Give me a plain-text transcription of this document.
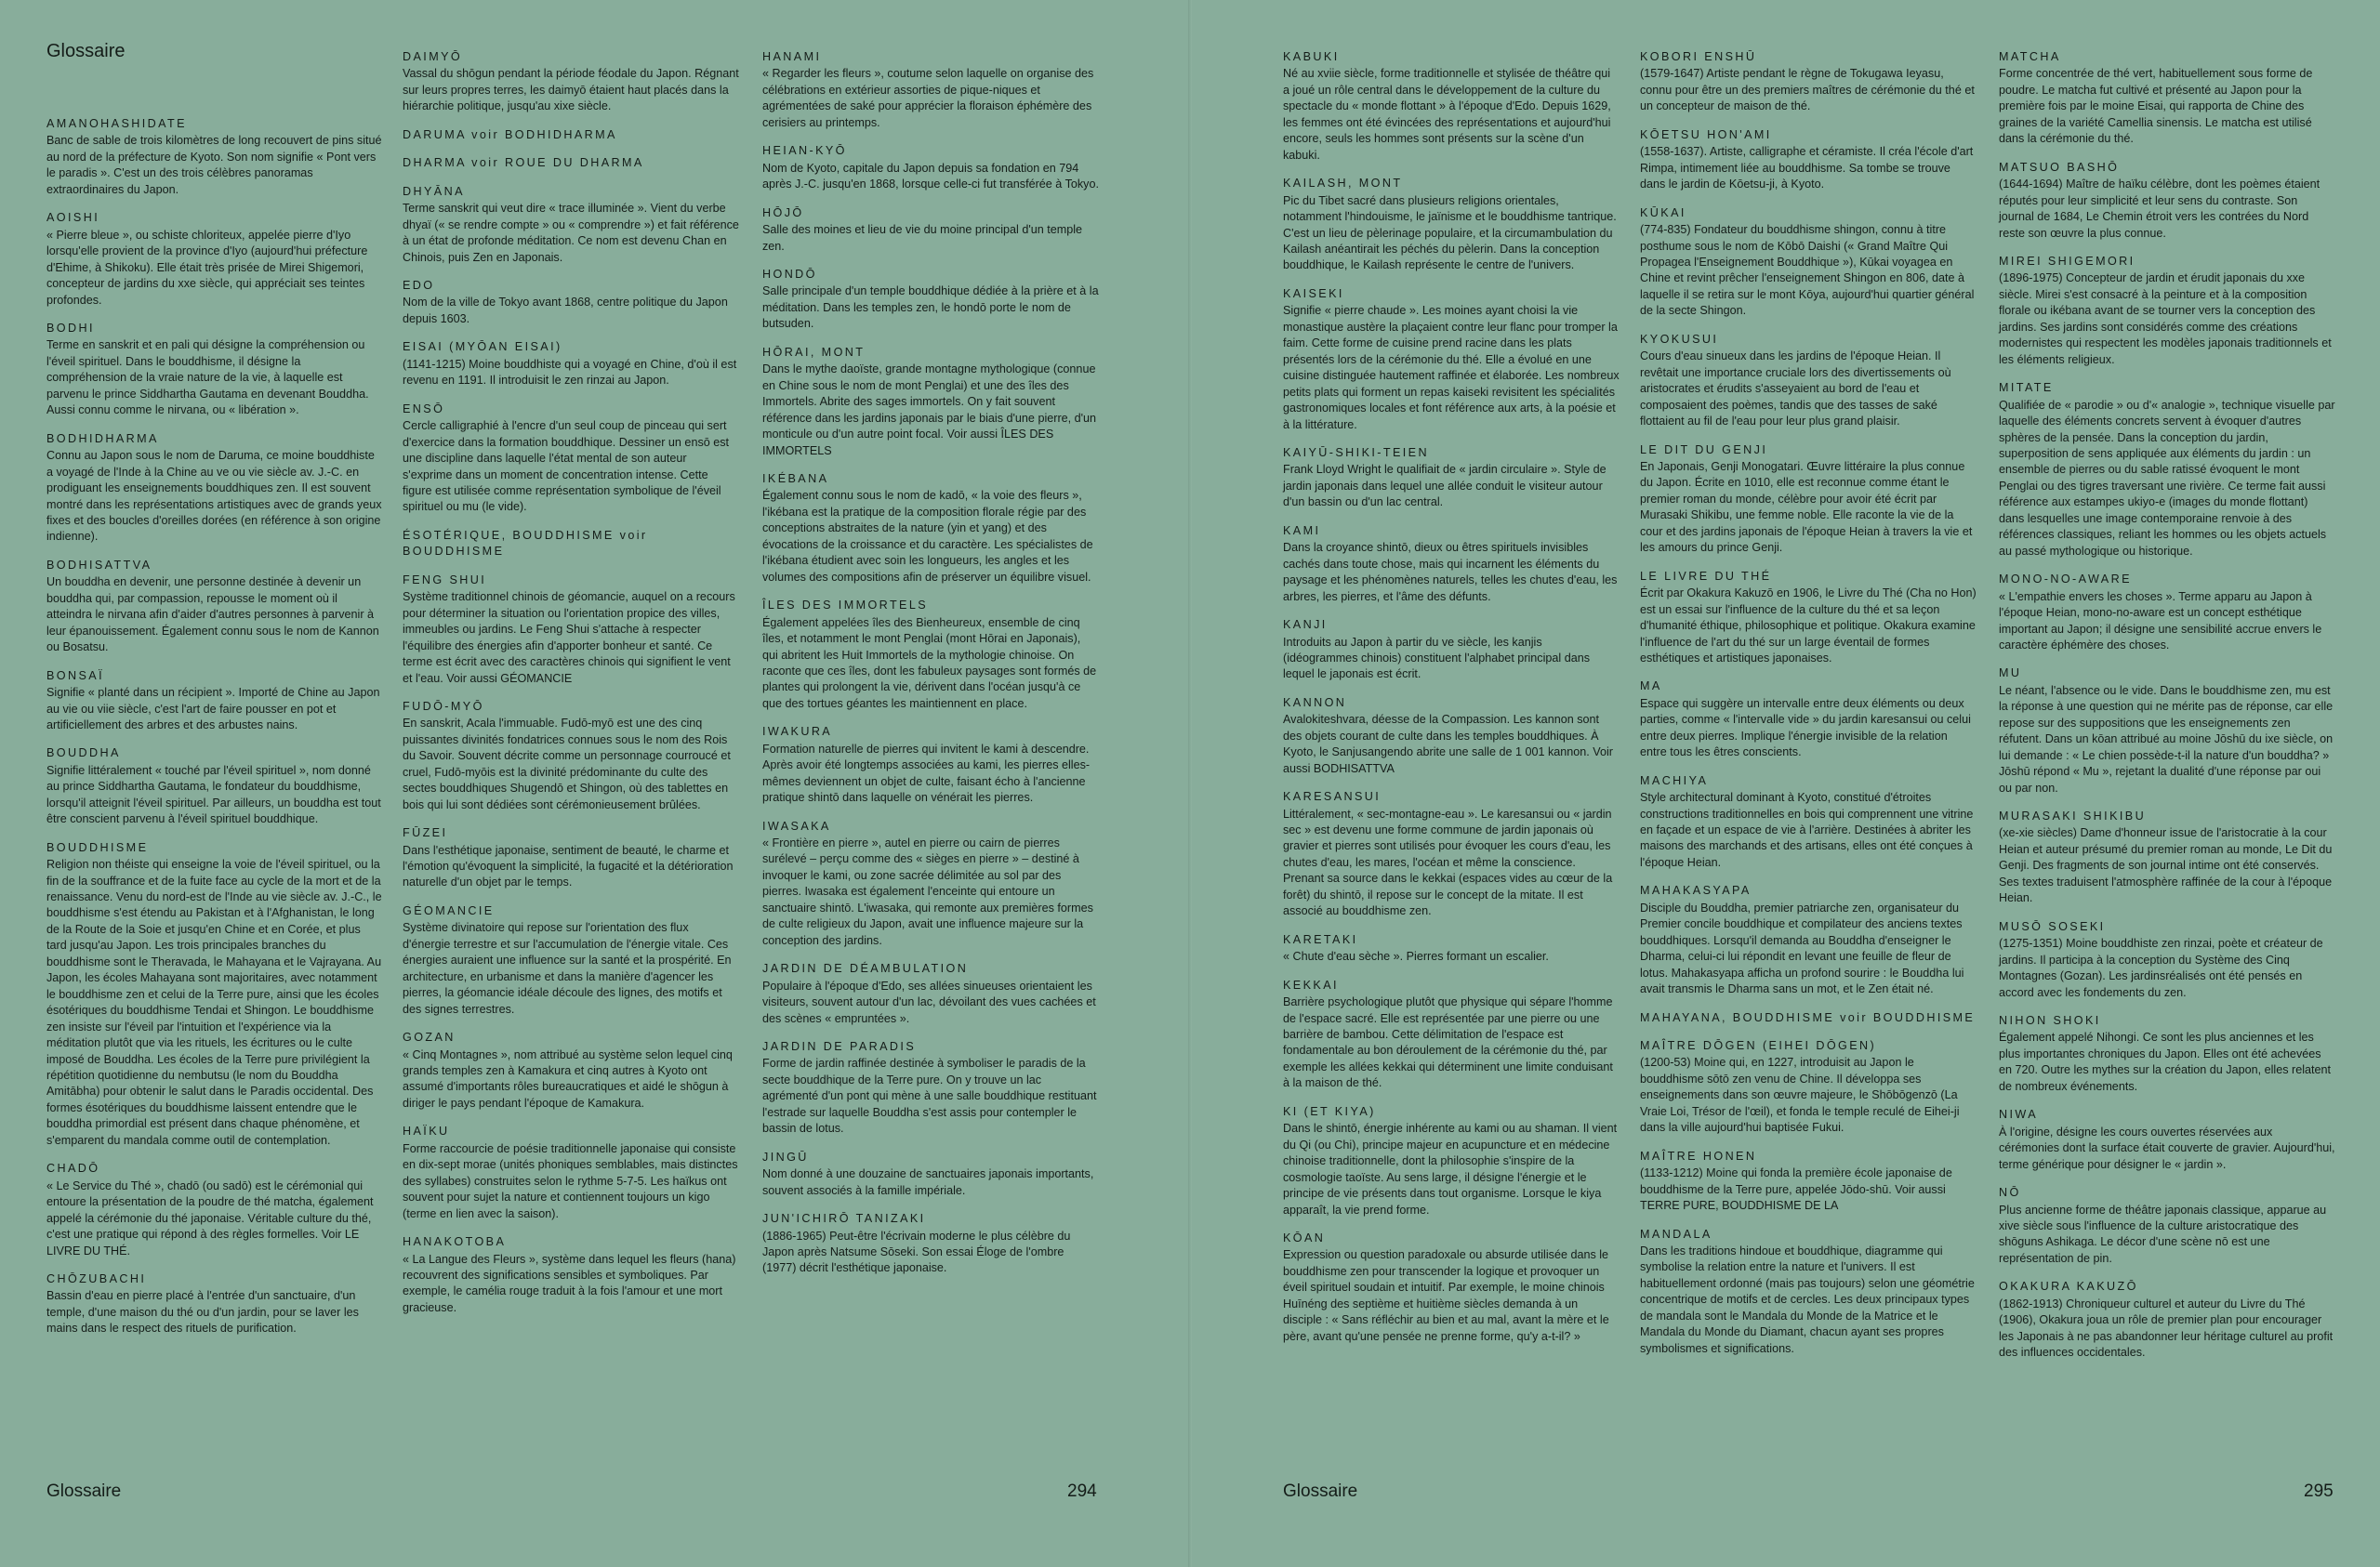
Glossaire
AMANOHASHIDATE
Banc de sable de trois kilomètres de long recouvert de pins situé au nord de la préfecture de Kyoto. Son nom signifie « Pont vers le paradis ». C'est un des trois célèbres panoramas extraordinaires du Japon.
AOISHI
« Pierre bleue », ou schiste chloriteux, appelée pierre d'Iyo lorsqu'elle provient de la province d'Iyo (aujourd'hui préfecture d'Ehime, à Shikoku). Elle était très prisée de Mirei Shigemori, concepteur de jardins du xxe siècle, qui appréciait ses teintes profondes.
BODHI
Terme en sanskrit et en pali qui désigne la compréhension ou l'éveil spirituel. Dans le bouddhisme, il désigne la compréhension de la vraie nature de la vie, à laquelle est parvenu le prince Siddhartha Gautama en devenant Bouddha. Aussi connu comme le nirvana, ou « libération ».
BODHIDHARMA
Connu au Japon sous le nom de Daruma, ce moine bouddhiste a voyagé de l'Inde à la Chine au ve ou vie siècle av. J.-C. en prodiguant les enseignements bouddhiques zen. Il est souvent montré dans les représentations artistiques avec de grands yeux fixes et des boucles d'oreilles dorées (en référence à son origine indienne).
BODHISATTVA
Un bouddha en devenir, une personne destinée à devenir un bouddha qui, par compassion, repousse le moment où il atteindra le nirvana afin d'aider d'autres personnes à parvenir à leur épanouissement. Également connu sous le nom de Kannon ou Bosatsu.
BONSAÏ
Signifie « planté dans un récipient ». Importé de Chine au Japon au vie ou viie siècle, c'est l'art de faire pousser en pot et artificiellement des arbres et des arbustes nains.
BOUDDHA
Signifie littéralement « touché par l'éveil spirituel », nom donné au prince Siddhartha Gautama, le fondateur du bouddhisme, lorsqu'il atteignit l'éveil spirituel. Par ailleurs, un bouddha est tout être conscient parvenu à l'éveil spirituel bouddhique.
BOUDDHISME
Religion non théiste qui enseigne la voie de l'éveil spirituel, ou la fin de la souffrance et de la fuite face au cycle de la mort et de la renaissance. Venu du nord-est de l'Inde au vie siècle av. J.-C., le bouddhisme s'est étendu au Pakistan et à l'Afghanistan, le long de la Route de la Soie et jusqu'en Chine et en Corée, et plus tard jusqu'au Japon. Les trois principales branches du bouddhisme sont le Theravada, le Mahayana et le Vajrayana. Au Japon, les écoles Mahayana sont majoritaires, avec notamment le bouddhisme zen et celui de la Terre pure, ainsi que les écoles ésotériques du bouddhisme Tendai et Shingon. Le bouddhisme zen insiste sur l'éveil par l'intuition et l'expérience via la méditation plutôt que via les rituels, les écritures ou le culte imposé de Bouddha. Les écoles de la Terre pure privilégient la répétition quotidienne du nembutsu (le nom du Bouddha Amitābha) pour obtenir le salut dans le Paradis occidental. Des formes ésotériques du bouddhisme laissent entendre que le bouddha primordial est présent dans chaque phénomène, et s'emparent du mandala comme outil de contemplation.
CHADŌ
« Le Service du Thé », chadō (ou sadō) est le cérémonial qui entoure la présentation de la poudre de thé matcha, également appelé la cérémonie du thé japonaise. Véritable culture du thé, c'est une pratique qui répond à des règles formelles. Voir LE LIVRE DU THÉ.
CHŌZUBACHI
Bassin d'eau en pierre placé à l'entrée d'un sanctuaire, d'un temple, d'une maison du thé ou d'un jardin, pour se laver les mains dans le respect des rituels de purification.
DAIMYŌ
Vassal du shōgun pendant la période féodale du Japon. Régnant sur leurs propres terres, les daimyō étaient haut placés dans la hiérarchie politique, jusqu'au xixe siècle.
DARUMA voir BODHIDHARMA
DHARMA voir ROUE DU DHARMA
DHYĀNA
Terme sanskrit qui veut dire « trace illuminée ». Vient du verbe dhyaï (« se rendre compte » ou « comprendre ») et fait référence à un état de profonde méditation. Ce nom est devenu Chan en Chinois, puis Zen en Japonais.
EDO
Nom de la ville de Tokyo avant 1868, centre politique du Japon depuis 1603.
EISAI (MYŌAN EISAI)
(1141-1215) Moine bouddhiste qui a voyagé en Chine, d'où il est revenu en 1191. Il introduisit le zen rinzai au Japon.
ENSŌ
Cercle calligraphié à l'encre d'un seul coup de pinceau qui sert d'exercice dans la formation bouddhique. Dessiner un ensō est une discipline dans laquelle l'état mental de son auteur s'exprime dans un moment de concentration intense. Cette figure est utilisée comme représentation symbolique de l'éveil spirituel ou mu (le vide).
ÉSOTÉRIQUE, BOUDDHISME voir BOUDDHISME
FENG SHUI
Système traditionnel chinois de géomancie, auquel on a recours pour déterminer la situation ou l'orientation propice des villes, immeubles ou jardins. Le Feng Shui s'attache à respecter l'équilibre des énergies afin d'apporter bonheur et santé. Ce terme est écrit avec des caractères chinois qui signifient le vent et l'eau. Voir aussi GÉOMANCIE
FUDŌ-MYŌ
En sanskrit, Acala l'immuable. Fudō-myō est une des cinq puissantes divinités fondatrices connues sous le nom des Rois du Savoir. Souvent décrite comme un personnage courroucé et cruel, Fudō-myōis est la divinité prédominante du culte des sectes bouddhiques Shugendō et Shingon, où des tablettes en bois qui lui sont dédiées sont cérémonieusement brûlées.
FŪZEI
Dans l'esthétique japonaise, sentiment de beauté, le charme et l'émotion qu'évoquent la simplicité, la fugacité et la détérioration naturelle d'un objet par le temps.
GÉOMANCIE
Système divinatoire qui repose sur l'orientation des flux d'énergie terrestre et sur l'accumulation de l'énergie vitale. Ces énergies auraient une influence sur la santé et la prospérité. En architecture, en urbanisme et dans la manière d'agencer les pierres, la géomancie idéale découle des lignes, des motifs et des signes terrestres.
GOZAN
« Cinq Montagnes », nom attribué au système selon lequel cinq grands temples zen à Kamakura et cinq autres à Kyoto ont assumé d'importants rôles bureaucratiques et aidé le shōgun à diriger le pays pendant l'époque de Kamakura.
HAÏKU
Forme raccourcie de poésie traditionnelle japonaise qui consiste en dix-sept morae (unités phoniques semblables, mais distinctes des syllabes) construites selon le rythme 5-7-5. Les haïkus ont souvent pour sujet la nature et contiennent toujours un kigo (terme en lien avec la saison).
HANAKOTOBA
« La Langue des Fleurs », système dans lequel les fleurs (hana) recouvrent des significations sensibles et symboliques. Par exemple, le camélia rouge traduit à la fois l'amour et une mort gracieuse.
HANAMI
« Regarder les fleurs », coutume selon laquelle on organise des célébrations en extérieur assorties de pique-niques et agrémentées de saké pour apprécier la floraison éphémère des cerisiers au printemps.
HEIAN-KYŌ
Nom de Kyoto, capitale du Japon depuis sa fondation en 794 après J.-C. jusqu'en 1868, lorsque celle-ci fut transférée à Tokyo.
HŌJŌ
Salle des moines et lieu de vie du moine principal d'un temple zen.
HONDŌ
Salle principale d'un temple bouddhique dédiée à la prière et à la méditation. Dans les temples zen, le hondō porte le nom de butsuden.
HŌRAI, MONT
Dans le mythe daoïste, grande montagne mythologique (connue en Chine sous le nom de mont Penglai) et une des îles des Immortels. Abrite des sages immortels. On y fait souvent référence dans les jardins japonais par le biais d'une pierre, d'un monticule ou d'un autre point focal. Voir aussi ÎLES DES IMMORTELS
IKÉBANA
Également connu sous le nom de kadō, « la voie des fleurs », l'ikébana est la pratique de la composition florale régie par des conceptions abstraites de la nature (yin et yang) et des évocations de la croissance et du caractère. Les spécialistes de l'ikébana étudient avec soin les longueurs, les angles et les volumes des compositions afin de préserver un équilibre visuel.
ÎLES DES IMMORTELS
Également appelées îles des Bienheureux, ensemble de cinq îles, et notamment le mont Penglai (mont Hōrai en Japonais), qui abritent les Huit Immortels de la mythologie chinoise. On raconte que ces îles, dont les fabuleux paysages sont formés de plantes qui prolongent la vie, dérivent dans l'océan jusqu'à ce que des tortues géantes les maintiennent en place.
IWAKURA
Formation naturelle de pierres qui invitent le kami à descendre. Après avoir été longtemps associées au kami, les pierres elles-mêmes deviennent un objet de culte, faisant écho à l'ancienne pratique shintō dans laquelle on vénérait les pierres.
IWASAKA
« Frontière en pierre », autel en pierre ou cairn de pierres surélevé – perçu comme des « sièges en pierre » – destiné à invoquer le kami, ou zone sacrée délimitée au sol par des pierres. Iwasaka est également l'enceinte qui entoure un sanctuaire shintō. L'iwasaka, qui remonte aux premières formes de culte religieux du Japon, avait une influence majeure sur la conception des jardins.
JARDIN DE DÉAMBULATION
Populaire à l'époque d'Edo, ses allées sinueuses orientaient les visiteurs, souvent autour d'un lac, dévoilant des vues cachées et des scènes « empruntées ».
JARDIN DE PARADIS
Forme de jardin raffinée destinée à symboliser le paradis de la secte bouddhique de la Terre pure. On y trouve un lac agrémenté d'un pont qui mène à une salle bouddhique restituant l'estrade sur laquelle Bouddha s'est assis pour contempler le bassin de lotus.
JINGŪ
Nom donné à une douzaine de sanctuaires japonais importants, souvent associés à la famille impériale.
JUN'ICHIRŌ TANIZAKI
(1886-1965) Peut-être l'écrivain moderne le plus célèbre du Japon après Natsume Sōseki. Son essai Éloge de l'ombre (1977) décrit l'esthétique japonaise.
Glossaire	294
KABUKI
Né au xviie siècle, forme traditionnelle et stylisée de théâtre qui a joué un rôle central dans le développement de la culture du spectacle du « monde flottant » à l'époque d'Edo. Depuis 1629, les femmes ont été évincées des représentations et aujourd'hui encore, seuls les hommes sont présents sur la scène d'un kabuki.
KAILASH, MONT
Pic du Tibet sacré dans plusieurs religions orientales, notamment l'hindouisme, le jaïnisme et le bouddhisme tantrique. C'est un lieu de pèlerinage populaire, et la circumambulation du Kailash anéantirait les péchés du pèlerin. Dans la conception bouddhique, le Kailash représente le centre de l'univers.
KAISEKI
Signifie « pierre chaude ». Les moines ayant choisi la vie monastique austère la plaçaient contre leur flanc pour tromper la faim. Cette forme de cuisine prend racine dans les plats présentés lors de la cérémonie du thé. Elle a évolué en une cuisine distinguée hautement raffinée et élaborée. Les nombreux petits plats qui forment un repas kaiseki revisitent les spécialités gastronomiques locales et font référence aux arts, à la poésie et à la littérature.
KAIYŪ-SHIKI-TEIEN
Frank Lloyd Wright le qualifiait de « jardin circulaire ». Style de jardin japonais dans lequel une allée conduit le visiteur autour d'un bassin ou d'un lac central.
KAMI
Dans la croyance shintō, dieux ou êtres spirituels invisibles cachés dans toute chose, mais qui incarnent les éléments du paysage et les phénomènes naturels, telles les chutes d'eau, les arbres, les pierres, et l'âme des défunts.
KANJI
Introduits au Japon à partir du ve siècle, les kanjis (idéogrammes chinois) constituent l'alphabet principal dans lequel le japonais est écrit.
KANNON
Avalokiteshvara, déesse de la Compassion. Les kannon sont des objets courant de culte dans les temples bouddhiques. À Kyoto, le Sanjusangendo abrite une salle de 1 001 kannon. Voir aussi BODHISATTVA
KARESANSUI
Littéralement, « sec-montagne-eau ». Le karesansui ou « jardin sec » est devenu une forme commune de jardin japonais où gravier et pierres sont utilisés pour évoquer les cours d'eau, les chutes d'eau, les mares, l'océan et même la conscience. Prenant sa source dans le kekkai (espaces vides au cœur de la forêt) du shintō, il repose sur le concept de la mitate. Il est associé au bouddhisme zen.
KARETAKI
« Chute d'eau sèche ». Pierres formant un escalier.
KEKKAI
Barrière psychologique plutôt que physique qui sépare l'homme de l'espace sacré. Elle est représentée par une pierre ou une barrière de bambou. Cette délimitation de l'espace est fondamentale au bon déroulement de la cérémonie du thé, par exemple les allées kekkai qui déterminent une limite conduisant à la maison de thé.
KI (ET KIYA)
Dans le shintō, énergie inhérente au kami ou au shaman. Il vient du Qi (ou Chi), principe majeur en acupuncture et en médecine chinoise traditionnelle, dont la philosophie s'inspire de la cosmologie taoïste. Au sens large, il désigne l'énergie et le principe de vie présents dans tout organisme. Lorsque le kiya apparaît, la vie prend forme.
KŌAN
Expression ou question paradoxale ou absurde utilisée dans le bouddhisme zen pour transcender la logique et provoquer un éveil spirituel soudain et intuitif. Par exemple, le moine chinois Huīnéng des septième et huitième siècles demanda à un disciple : « Sans réfléchir au bien et au mal, avant la mère et le père, avant qu'une pensée ne prenne forme, qu'y a-t-il? »
KOBORI ENSHŪ
(1579-1647) Artiste pendant le règne de Tokugawa Ieyasu, connu pour être un des premiers maîtres de cérémonie du thé et un concepteur de maison de thé.
KŌETSU HON'AMI
(1558-1637). Artiste, calligraphe et céramiste. Il créa l'école d'art Rimpa, intimement liée au bouddhisme. Sa tombe se trouve dans le jardin de Kōetsu-ji, à Kyoto.
KŪKAI
(774-835) Fondateur du bouddhisme shingon, connu à titre posthume sous le nom de Kōbō Daishi (« Grand Maître Qui Propagea l'Enseignement Bouddhique »), Kūkai voyagea en Chine et revint prêcher l'enseignement Shingon en 806, date à laquelle il se retira sur le mont Kōya, aujourd'hui quartier général de la secte Shingon.
KYOKUSUI
Cours d'eau sinueux dans les jardins de l'époque Heian. Il revêtait une importance cruciale lors des divertissements où aristocrates et érudits s'asseyaient au bord de l'eau et composaient des poèmes, tandis que des tasses de saké flottaient au fil de l'eau pour leur plus grand plaisir.
LE DIT DU GENJI
En Japonais, Genji Monogatari. Œuvre littéraire la plus connue du Japon. Écrite en 1010, elle est reconnue comme étant le premier roman du monde, célèbre pour avoir été écrit par Murasaki Shikibu, une femme noble. Elle raconte la vie de la cour et des jardins japonais de l'époque Heian à travers la vie et les amours du prince Genji.
LE LIVRE DU THÉ
Écrit par Okakura Kakuzō en 1906, le Livre du Thé (Cha no Hon) est un essai sur l'influence de la culture du thé et sa leçon d'humanité éthique, philosophique et politique. Okakura examine l'influence de l'art du thé sur un large éventail de formes esthétiques et artistiques japonaises.
MA
Espace qui suggère un intervalle entre deux éléments ou deux parties, comme « l'intervalle vide » du jardin karesansui ou celui entre deux pierres. Implique l'énergie invisible de la relation entre tous les êtres conscients.
MACHIYA
Style architectural dominant à Kyoto, constitué d'étroites constructions traditionnelles en bois qui comprennent une vitrine en façade et un espace de vie à l'arrière. Destinées à abriter les maisons des marchands et des artisans, elles ont été conçues à l'époque Heian.
MAHAKASYAPA
Disciple du Bouddha, premier patriarche zen, organisateur du Premier concile bouddhique et compilateur des anciens textes bouddhiques. Lorsqu'il demanda au Bouddha d'enseigner le Dharma, celui-ci lui répondit en levant une feuille de fleur de lotus. Mahakasyapa afficha un profond sourire : le Bouddha lui avait transmis le Dharma sans un mot, et le Zen était né.
MAHAYANA, BOUDDHISME voir BOUDDHISME
MAÎTRE DŌGEN (EIHEI DŌGEN)
(1200-53) Moine qui, en 1227, introduisit au Japon le bouddhisme sōtō zen venu de Chine. Il développa ses enseignements dans son œuvre majeure, le Shōbōgenzō (La Vraie Loi, Trésor de l'œil), et fonda le temple reculé de Eihei-ji dans la ville aujourd'hui baptisée Fukui.
MAÎTRE HONEN
(1133-1212) Moine qui fonda la première école japonaise de bouddhisme de la Terre pure, appelée Jōdo-shū. Voir aussi TERRE PURE, BOUDDHISME DE LA
MANDALA
Dans les traditions hindoue et bouddhique, diagramme qui symbolise la relation entre la nature et l'univers. Il est habituellement ordonné (mais pas toujours) selon une géométrie concentrique de motifs et de cercles. Les deux principaux types de mandala sont le Mandala du Monde de la Matrice et le Mandala du Monde du Diamant, chacun ayant ses propres symbolismes et significations.
MATCHA
Forme concentrée de thé vert, habituellement sous forme de poudre. Le matcha fut cultivé et présenté au Japon pour la première fois par le moine Eisai, qui rapporta de Chine des graines de la variété Camellia sinensis. Le matcha est utilisé dans la cérémonie du thé.
MATSUO BASHŌ
(1644-1694) Maître de haïku célèbre, dont les poèmes étaient réputés pour leur simplicité et leur sens du contraste. Son journal de 1684, Le Chemin étroit vers les contrées du Nord reste son œuvre la plus connue.
MIREI SHIGEMORI
(1896-1975) Concepteur de jardin et érudit japonais du xxe siècle. Mirei s'est consacré à la peinture et à la composition florale ou ikébana avant de se tourner vers la conception des jardins. Ses jardins sont considérés comme des créations modernistes qui respectent les modèles japonais traditionnels et les éléments religieux.
MITATE
Qualifiée de « parodie » ou d'« analogie », technique visuelle par laquelle des éléments concrets servent à évoquer d'autres sphères de la pensée. Dans la conception du jardin, superposition de sens appliquée aux éléments du jardin : un ensemble de pierres ou du sable ratissé évoquent le mont Penglai ou des tigres traversant une rivière. Ce terme fait aussi référence aux estampes ukiyo-e (images du monde flottant) dans lesquelles une image contemporaine renvoie à des références classiques, reliant les hommes ou les objets actuels au passé mythologique ou historique.
MONO-NO-AWARE
« L'empathie envers les choses ». Terme apparu au Japon à l'époque Heian, mono-no-aware est un concept esthétique important au Japon; il désigne une sensibilité accrue envers le caractère éphémère des choses.
MU
Le néant, l'absence ou le vide. Dans le bouddhisme zen, mu est la réponse à une question qui ne mérite pas de réponse, car elle repose sur des suppositions que les enseignements zen réfutent. Dans un kōan attribué au moine Jōshū du ixe siècle, on lui demande : « Le chien possède-t-il la nature d'un bouddha? » Jōshū répond « Mu », rejetant la dualité d'une réponse par oui ou par non.
MURASAKI SHIKIBU
(xe-xie siècles) Dame d'honneur issue de l'aristocratie à la cour Heian et auteur présumé du premier roman au monde, Le Dit du Genji. Des fragments de son journal intime ont été conservés. Ses textes traduisent l'atmosphère raffinée de la cour à l'époque Heian.
MUSŌ SOSEKI
(1275-1351) Moine bouddhiste zen rinzai, poète et créateur de jardins. Il participa à la conception du Système des Cinq Montagnes (Gozan). Les jardinsréalisés ont été pensés en accord avec les fondements du zen.
NIHON SHOKI
Également appelé Nihongi. Ce sont les plus anciennes et les plus importantes chroniques du Japon. Elles ont été achevées en 720. Outre les mythes sur la création du Japon, elles relatent de nombreux événements.
NIWA
À l'origine, désigne les cours ouvertes réservées aux cérémonies dont la surface était couverte de gravier. Aujourd'hui, terme générique pour désigner le « jardin ».
NŌ
Plus ancienne forme de théâtre japonais classique, apparue au xive siècle sous l'influence de la culture aristocratique des shōguns Ashikaga. Le décor d'une scène nō est une représentation de pin.
OKAKURA KAKUZŌ
(1862-1913) Chroniqueur culturel et auteur du Livre du Thé (1906), Okakura joua un rôle de premier plan pour encourager les Japonais à ne pas abandonner leur héritage culturel au profit des influences occidentales.
Glossaire	295
